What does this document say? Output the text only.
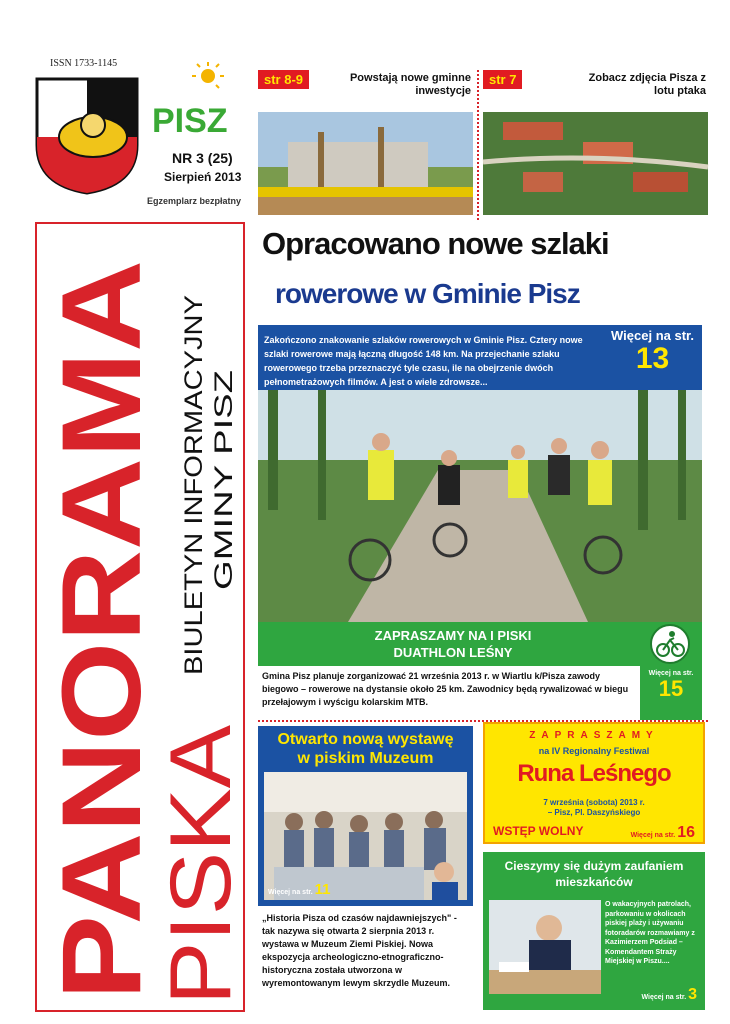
ISSN 1733-1145
PISZ
NR 3 (25)
Sierpień 2013
Egzemplarz bezpłatny
PANORAMA
PISKA
BIULETYN INFORMACYJNY GMINY PISZ
str 8-9	Powstają nowe gminne
inwestycje
str 7	Zobacz zdjęcia Pisza z
lotu ptaka
Opracowano nowe szlaki
rowerowe w Gminie Pisz
Zakończono znakowanie szlaków rowerowych w Gminie Pisz. Cztery nowe szlaki rowerowe mają łączną długość 148 km. Na przejechanie szlaku rowerowego trzeba przeznaczyć tyle czasu, ile na obejrzenie dwóch pełnometrażowych filmów. A jest o wiele zdrowsze...
Więcej na str.
13
ZAPRASZAMY NA I PISKI
DUATHLON LEŚNY
Gmina Pisz planuje zorganizować 21 września 2013 r. w Wiartlu k/Pisza zawody biegowo – rowerowe na dystansie około 25 km. Zawodnicy będą rywalizować w biegu przełajowym i wyścigu kolarskim MTB.
Więcej na str.
15
Otwarto nową wystawę
w piskim Muzeum
Więcej na str. 11
„Historia Pisza od czasów najdawniejszych" - tak nazywa się otwarta 2 sierpnia 2013 r. wystawa w Muzeum Ziemi Piskiej. Nowa ekspozycja archeologiczno-etnograficzno-historyczna została utworzona w wyremontowanym lewym skrzydle Muzeum.
ZAPRASZAMY
na IV Regionalny Festiwal
Runa Leśnego
7 września (sobota) 2013 r.
– Pisz, Pl. Daszyńskiego
WSTĘP WOLNY	Więcej na str. 16
Cieszymy się dużym zaufaniem
mieszkańców
O wakacyjnych patrolach, parkowaniu w okolicach piskiej plaży i używaniu fotoradarów rozmawiamy z Kazimierzem Podsiad – Komendantem Straży Miejskiej w Piszu....
Więcej na str. 3
